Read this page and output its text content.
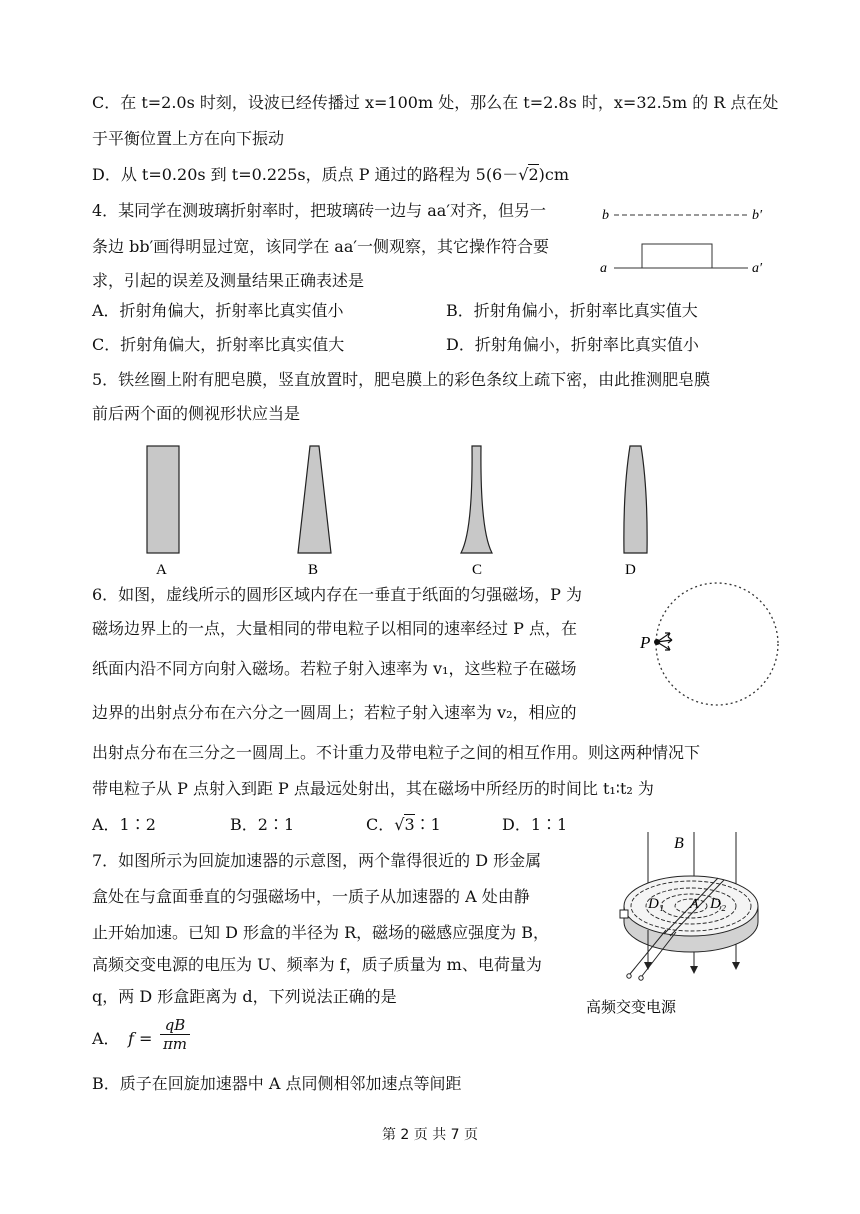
C．在 t=2.0s 时刻，设波已经传播过 x=100m 处，那么在 t=2.8s 时，x=32.5m 的 R 点在处
于平衡位置上方在向下振动
D．从 t=0.20s 到 t=0.225s，质点 P 通过的路程为 5(6－√2)cm
4．某同学在测玻璃折射率时，把玻璃砖一边与 aa′对齐，但另一
条边 bb′画得明显过宽，该同学在 aa′一侧观察，其它操作符合要
求，引起的误差及测量结果正确表述是
b	b′
a	a′
A．折射角偏大，折射率比真实值小	B．折射角偏小，折射率比真实值大
C．折射角偏大，折射率比真实值大	D．折射角偏小，折射率比真实值小
5．铁丝圈上附有肥皂膜，竖直放置时，肥皂膜上的彩色条纹上疏下密，由此推测肥皂膜
前后两个面的侧视形状应当是
A	B	C	D
6．如图，虚线所示的圆形区域内存在一垂直于纸面的匀强磁场，P 为
磁场边界上的一点，大量相同的带电粒子以相同的速率经过 P 点，在
纸面内沿不同方向射入磁场。若粒子射入速率为 v₁，这些粒子在磁场
边界的出射点分布在六分之一圆周上；若粒子射入速率为 v₂，相应的
出射点分布在三分之一圆周上。不计重力及带电粒子之间的相互作用。则这两种情况下
带电粒子从 P 点射入到距 P 点最远处射出，其在磁场中所经历的时间比 t₁∶t₂ 为
P
A．1∶2	B．2∶1	C．√3∶1	D．1∶1
7．如图所示为回旋加速器的示意图，两个靠得很近的 D 形金属
盒处在与盒面垂直的匀强磁场中，一质子从加速器的 A 处由静
止开始加速。已知 D 形盒的半径为 R，磁场的磁感应强度为 B，
高频交变电源的电压为 U、频率为 f，质子质量为 m、电荷量为
q，两 D 形盒距离为 d，下列说法正确的是
A． $f = \frac{qB}{\pi m}$
B．质子在回旋加速器中 A 点同侧相邻加速点等间距
B
D₁ A D₂
高频交变电源
第 2 页 共 7 页
